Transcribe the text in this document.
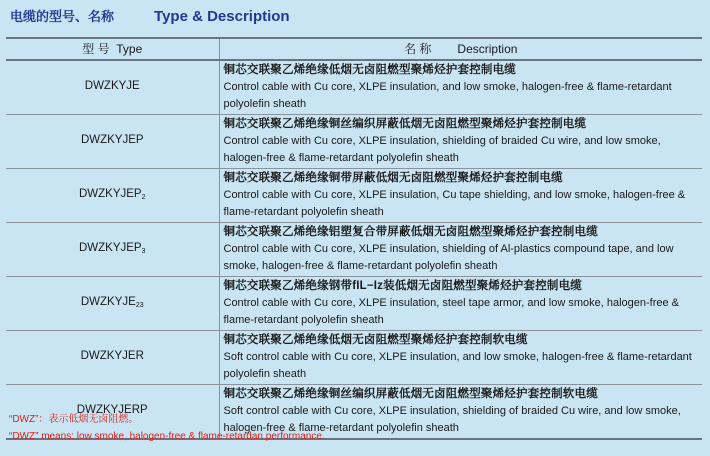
电缆的型号、名称	Type & Description
型 号 Type	名 称 Description
DWZKYJE	铜芯交联聚乙烯绝缘低烟无卤阻燃型聚烯烃护套控制电缆
Control cable with Cu core, XLPE insulation, and low smoke, halogen-free & flame-retardant polyolefin sheath

DWZKYJEP	铜芯交联聚乙烯绝缘铜丝编织屏蔽低烟无卤阻燃型聚烯烃护套控制电缆
Control cable with Cu core, XLPE insulation, shielding of braided Cu wire, and low smoke, halogen-free & flame-retardant polyolefin sheath

$DWZKYJEP_2$	铜芯交联聚乙烯绝缘铜带屏蔽低烟无卤阻燃型聚烯烃护套控制电缆
Control cable with Cu core, XLPE insulation, Cu tape shielding, and low smoke, halogen-free & flame-retardant polyolefin sheath

$DWZKYJEP_3$	铜芯交联聚乙烯绝缘铝塑复合带屏蔽低烟无卤阻燃型聚烯烃护套控制电缆
Control cable with Cu core, XLPE insulation, shielding of Al-plastics compound tape, and low smoke, halogen-free & flame-retardant polyolefin sheath

$DWZKYJE_{23}$	铜芯交联聚乙烯绝缘钢带fIL−Iz装低烟无卤阻燃型聚烯烃护套控制电缆
Control cable with Cu core, XLPE insulation, steel tape armor, and low smoke, halogen-free & flame-retardant polyolefin sheath

DWZKYJER	铜芯交联聚乙烯绝缘低烟无卤阻燃型聚烯烃护套控制软电缆
Soft control cable with Cu core, XLPE insulation, and low smoke, halogen-free & flame-retardant polyolefin sheath

DWZKYJERP	铜芯交联聚乙烯绝缘铜丝编织屏蔽低烟无卤阻燃型聚烯烃护套控制软电缆
Soft control cable with Cu core, XLPE insulation, shielding of braided Cu wire, and low smoke, halogen-free & flame-retardant polyolefin sheath
“DWZ”：表示低烟无卤阻燃。
“DWZ” means: low smoke, halogen-free & flame-retardan performance.
